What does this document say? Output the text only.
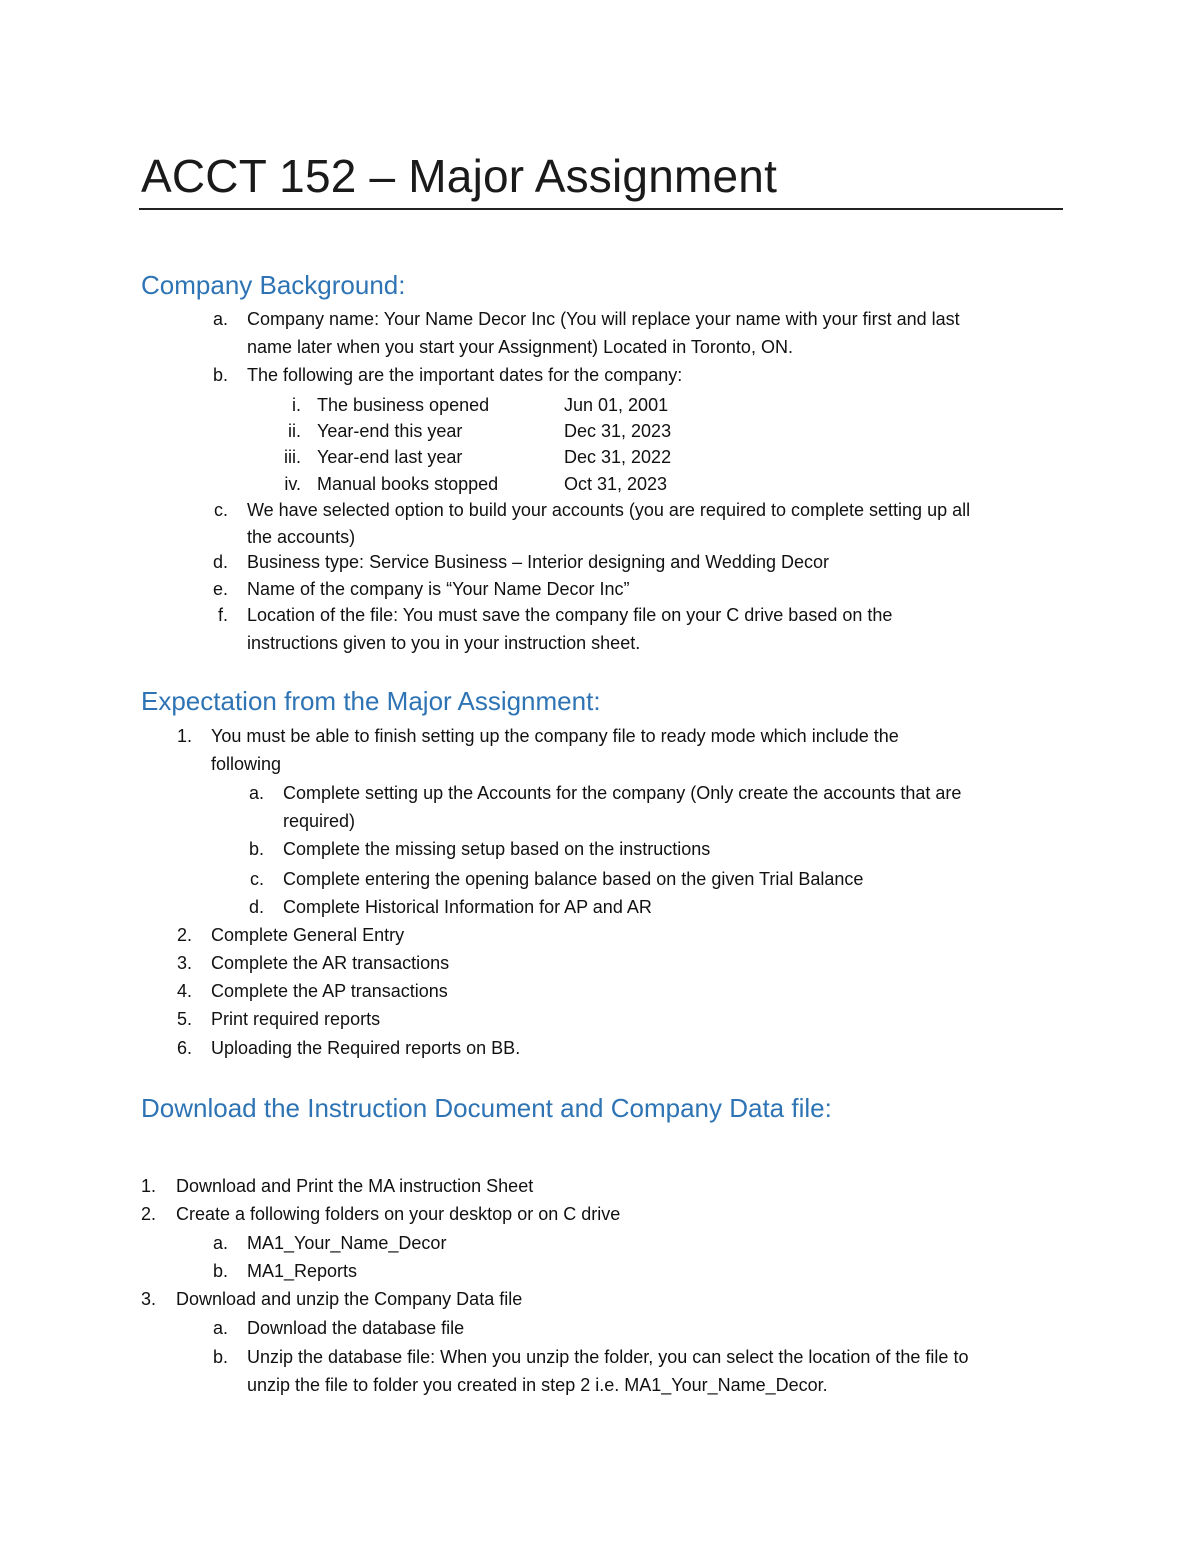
ACCT 152 – Major Assignment
Company Background:
a. Company name: Your Name Decor Inc (You will replace your name with your first and last
name later when you start your Assignment) Located in Toronto, ON.
b. The following are the important dates for the company:
i. The business opened	Jun 01, 2001
ii. Year-end this year	Dec 31, 2023
iii. Year-end last year	Dec 31, 2022
iv. Manual books stopped	Oct 31, 2023
c. We have selected option to build your accounts (you are required to complete setting up all
the accounts)
d. Business type: Service Business – Interior designing and Wedding Decor
e. Name of the company is “Your Name Decor Inc”
f. Location of the file: You must save the company file on your C drive based on the
instructions given to you in your instruction sheet.
Expectation from the Major Assignment:
1. You must be able to finish setting up the company file to ready mode which include the
following
a. Complete setting up the Accounts for the company (Only create the accounts that are
required)
b. Complete the missing setup based on the instructions
c. Complete entering the opening balance based on the given Trial Balance
d. Complete Historical Information for AP and AR
2. Complete General Entry
3. Complete the AR transactions
4. Complete the AP transactions
5. Print required reports
6. Uploading the Required reports on BB.
Download the Instruction Document and Company Data file:
1. Download and Print the MA instruction Sheet
2. Create a following folders on your desktop or on C drive
a. MA1_Your_Name_Decor
b. MA1_Reports
3. Download and unzip the Company Data file
a. Download the database file
b. Unzip the database file: When you unzip the folder, you can select the location of the file to
unzip the file to folder you created in step 2 i.e. MA1_Your_Name_Decor.
